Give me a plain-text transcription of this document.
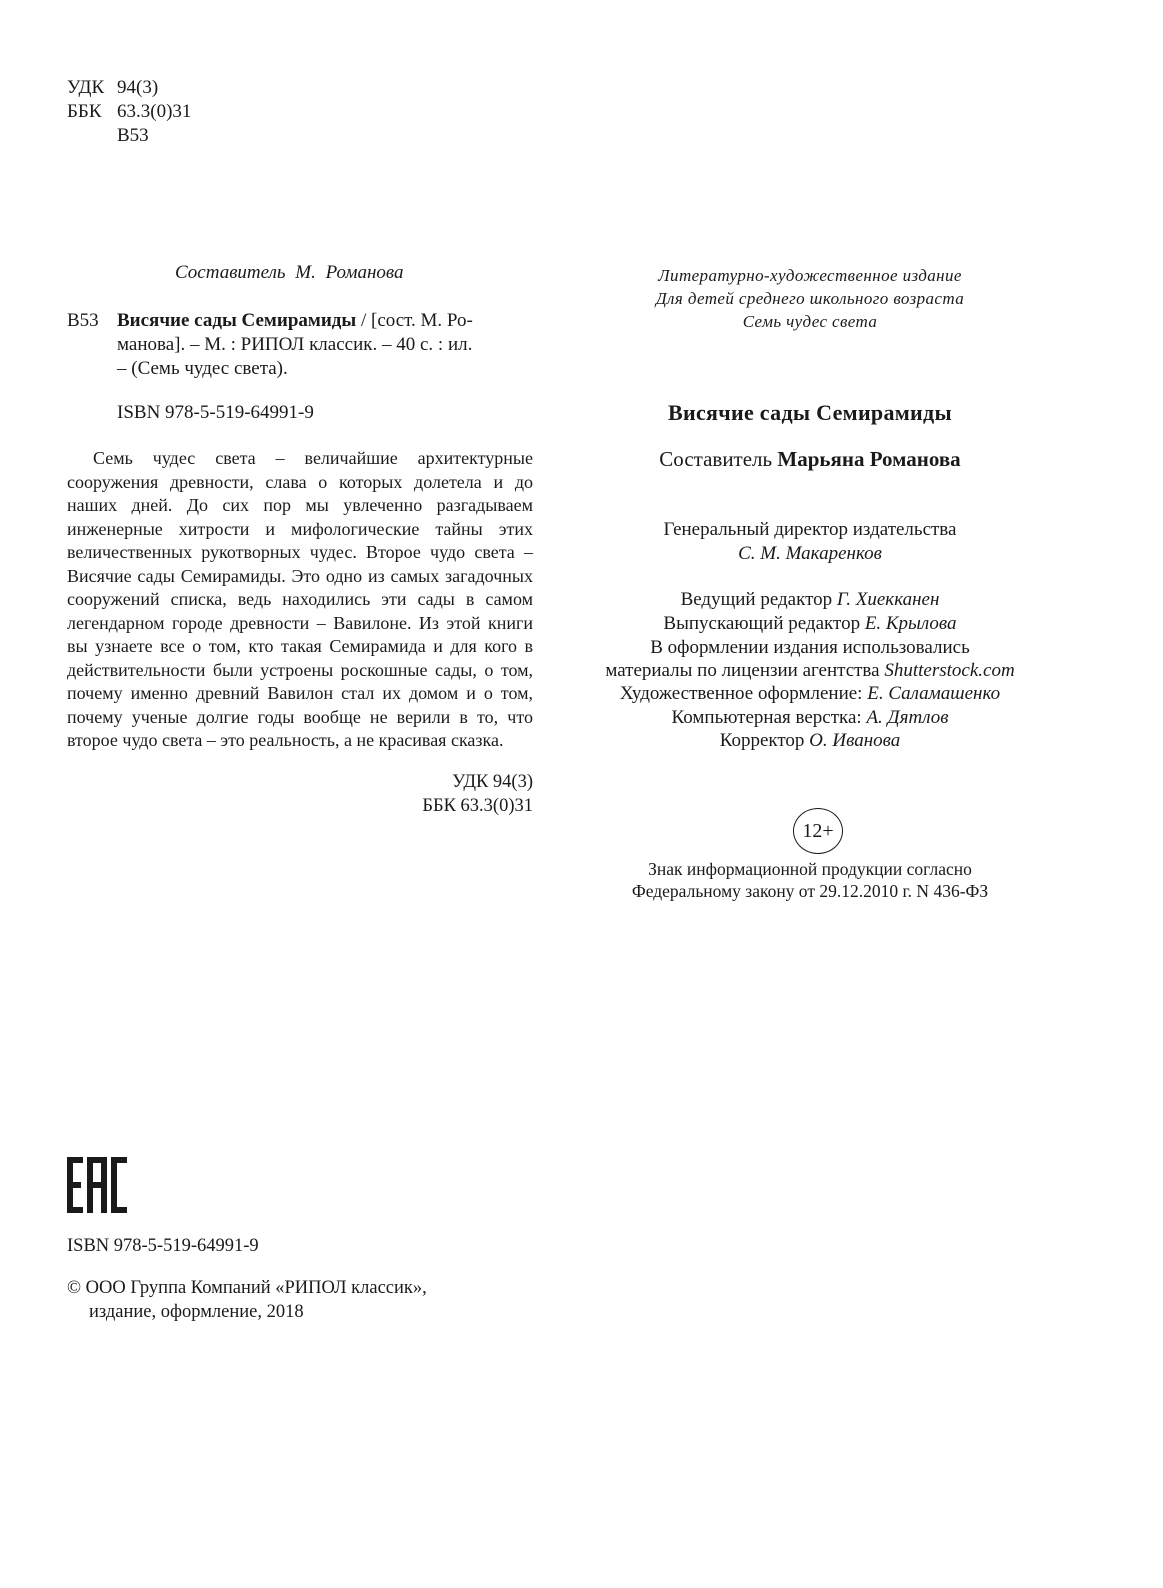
УДК 94(3)
ББК 63.3(0)31
В53
Составитель М. Романова
В53 Висячие сады Семирамиды / [сост. М. Ро-
манова]. – М. : РИПОЛ классик. – 40 с. : ил.
– (Семь чудес света).
ISBN 978-5-519-64991-9
Семь чудес света – величайшие архитектурные сооружения древности, слава о которых долетела и до наших дней. До сих пор мы увлеченно разгадываем инженерные хитрости и мифологические тайны этих величественных рукотворных чудес. Второе чудо света – Висячие сады Семирамиды. Это одно из самых загадочных сооружений списка, ведь находились эти сады в самом легендарном городе древности – Вавилоне. Из этой книги вы узнаете все о том, кто такая Семирамида и для кого в действительности были устроены роскошные сады, о том, почему именно древний Вавилон стал их домом и о том, почему ученые долгие годы вообще не верили в то, что второе чудо света – это реальность, а не красивая сказка.
УДК 94(3)
ББК 63.3(0)31
Литературно-художественное издание
Для детей среднего школьного возраста
Семь чудес света
Висячие сады Семирамиды
Составитель Марьяна Романова
Генеральный директор издательства
С. М. Макаренков
Ведущий редактор Г. Хиекканен
Выпускающий редактор Е. Крылова
В оформлении издания использовались
материалы по лицензии агентства Shutterstock.com
Художественное оформление: Е. Саламашенко
Компьютерная верстка: А. Дятлов
Корректор О. Иванова
12+
Знак информационной продукции согласно
Федеральному закону от 29.12.2010 г. N 436-ФЗ
ISBN 978-5-519-64991-9
© ООО Группа Компаний «РИПОЛ классик»,
издание, оформление, 2018
